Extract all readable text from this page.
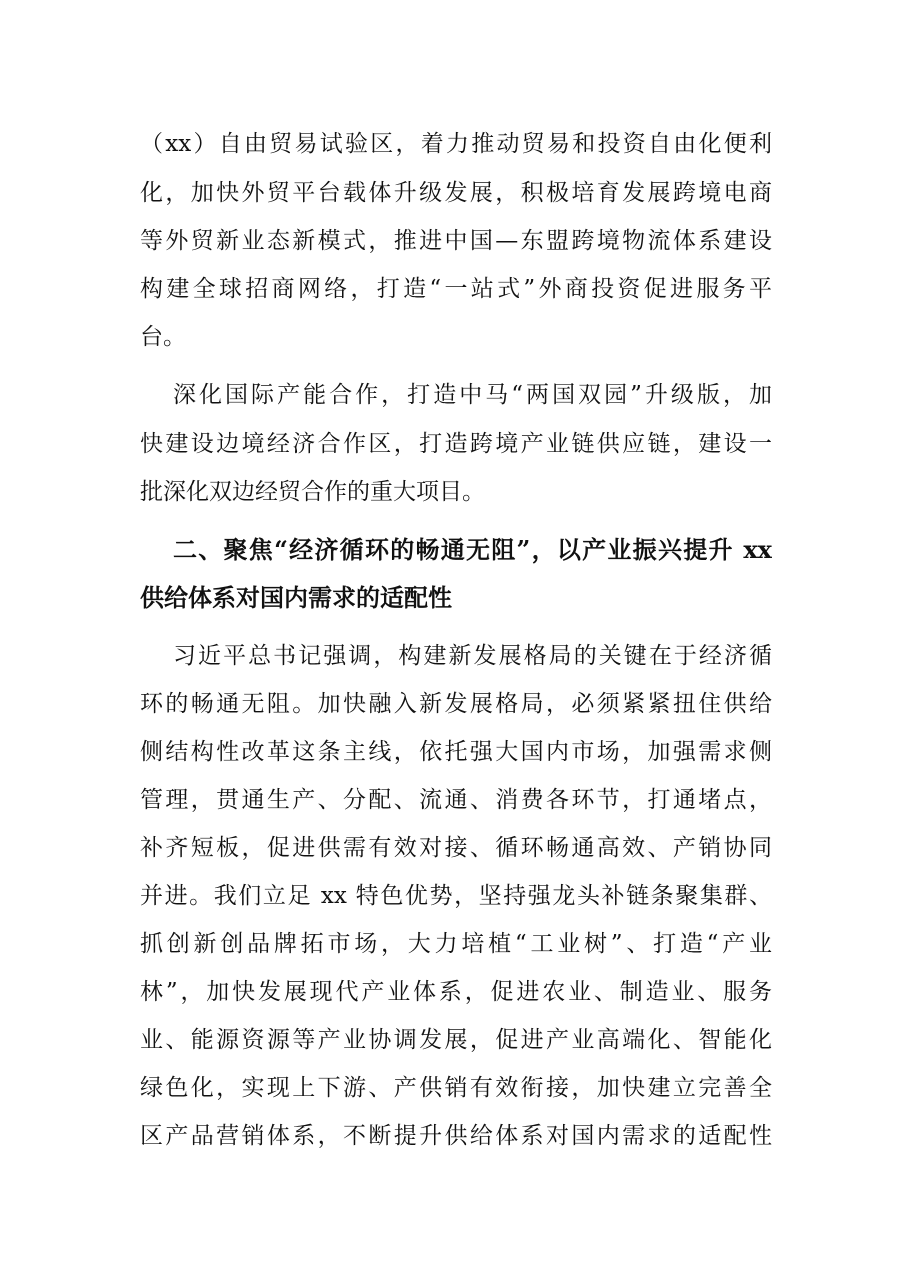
（xx）自由贸易试验区，着力推动贸易和投资自由化便利
化，加快外贸平台载体升级发展，积极培育发展跨境电商
等外贸新业态新模式，推进中国—东盟跨境物流体系建设
构建全球招商网络，打造“一站式”外商投资促进服务平
台。
深化国际产能合作，打造中马“两国双园”升级版，加
快建设边境经济合作区，打造跨境产业链供应链，建设一
批深化双边经贸合作的重大项目。
二、聚焦“经济循环的畅通无阻”，以产业振兴提升 xx
供给体系对国内需求的适配性
习近平总书记强调，构建新发展格局的关键在于经济循
环的畅通无阻。加快融入新发展格局，必须紧紧扭住供给
侧结构性改革这条主线，依托强大国内市场，加强需求侧
管理，贯通生产、分配、流通、消费各环节，打通堵点，
补齐短板，促进供需有效对接、循环畅通高效、产销协同
并进。我们立足 xx 特色优势，坚持强龙头补链条聚集群、
抓创新创品牌拓市场，大力培植“工业树”、打造“产业
林”，加快发展现代产业体系，促进农业、制造业、服务
业、能源资源等产业协调发展，促进产业高端化、智能化
绿色化，实现上下游、产供销有效衔接，加快建立完善全
区产品营销体系，不断提升供给体系对国内需求的适配性
